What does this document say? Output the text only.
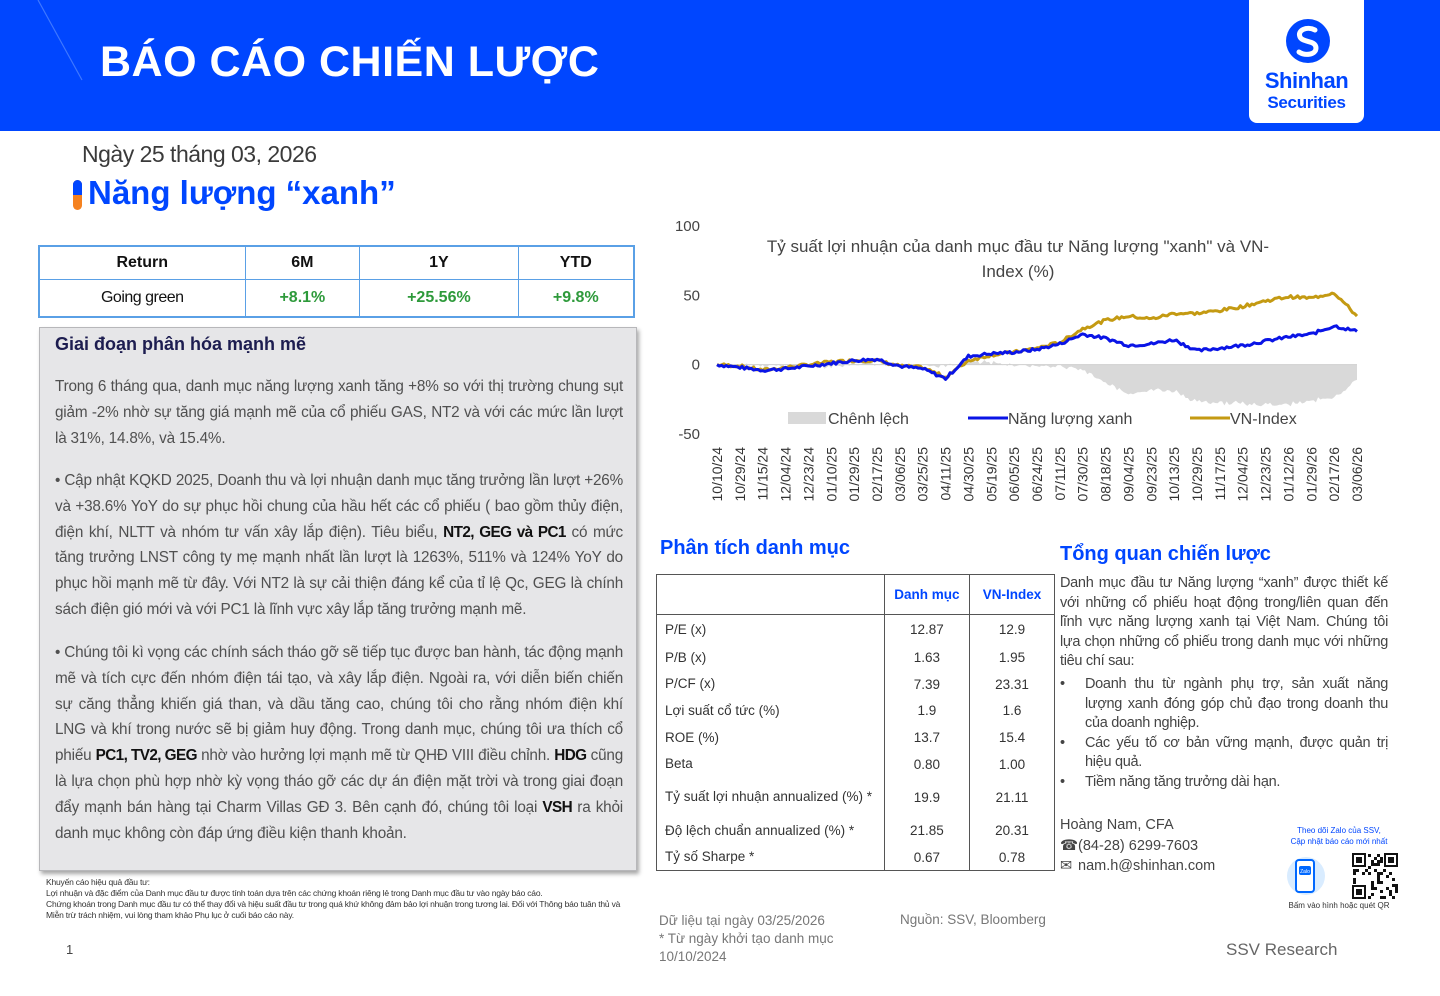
BÁO CÁO CHIẾN LƯỢC	Shinhan
Securities
Ngày 25 tháng 03, 2026
Năng lượng “xanh”
Return	6M	1Y	YTD
Going green	+8.1%	+25.56%	+9.8%
Giai đoạn phân hóa mạnh mẽ

Trong 6 tháng qua, danh mục năng lượng xanh tăng +8% so với thị trường chung sụt giảm -2% nhờ sự tăng giá mạnh mẽ của cổ phiếu GAS, NT2 và với các mức lần lượt là 31%, 14.8%, và 15.4%.

• Cập nhật KQKD 2025, Doanh thu và lợi nhuận danh mục tăng trưởng lần lượt +26% và +38.6% YoY do sự phục hồi chung của hầu hết các cổ phiếu ( bao gồm thủy điện, điện khí, NLTT và nhóm tư vấn xây lắp điện). Tiêu biểu, NT2, GEG và PC1 có mức tăng trưởng LNST công ty mẹ mạnh nhất lần lượt là 1263%, 511% và 124% YoY do phục hồi mạnh mẽ từ đây. Với NT2 là sự cải thiện đáng kể của tỉ lệ Qc, GEG là chính sách điện gió mới và với PC1 là lĩnh vực xây lắp tăng trưởng mạnh mẽ.

• Chúng tôi kì vọng các chính sách tháo gỡ sẽ tiếp tục được ban hành, tác động mạnh mẽ và tích cực đến nhóm điện tái tạo, và xây lắp điện. Ngoài ra, với diễn biến chiến sự căng thẳng khiến giá than, và dầu tăng cao, chúng tôi cho rằng nhóm điện khí LNG và khí trong nước sẽ bị giảm huy động. Trong danh mục, chúng tôi ưa thích cổ phiếu PC1, TV2, GEG nhờ vào hưởng lợi mạnh mẽ từ QHĐ VIII điều chỉnh. HDG cũng là lựa chọn phù hợp nhờ kỳ vọng tháo gỡ các dự án điện mặt trời và trong giai đoạn đẩy mạnh bán hàng tại Charm Villas GĐ 3. Bên cạnh đó, chúng tôi loại VSH ra khỏi danh mục không còn đáp ứng điều kiện thanh khoản.

Khuyến cáo hiệu quả đầu tư:
Lợi nhuận và đặc điểm của Danh mục đầu tư được tính toán dựa trên các chứng khoán riêng lẻ trong Danh mục đầu tư vào ngày báo cáo.
Chứng khoán trong Danh mục đầu tư có thể thay đổi và hiệu suất đầu tư trong quá khứ không đảm bảo lợi nhuận trong tương lai. Đối với Thông báo tuân thủ và Miễn trừ trách nhiệm, vui lòng tham khảo Phụ lục ở cuối báo cáo này.
1
100
50
0
-50
Tỷ suất lợi nhuận của danh mục đầu tư Năng lượng "xanh" và VN-
Index (%)
Chênh lệch	Năng lượng xanh	VN-Index
10/10/24 10/29/24 11/15/24 12/04/24 12/23/24 01/10/25 01/29/25 02/17/25 03/06/25 03/25/25 04/11/25 04/30/25 05/19/25 06/05/25 06/24/25 07/11/25 07/30/25 08/18/25 09/04/25 09/23/25 10/13/25 10/29/25 11/17/25 12/04/25 12/23/25 01/12/26 01/29/26 02/17/26 03/06/26
Phân tích danh mục
	Danh mục	VN-Index
P/E (x)	12.87	12.9
P/B (x)	1.63	1.95
P/CF (x)	7.39	23.31
Lợi suất cổ tức (%)	1.9	1.6
ROE (%)	13.7	15.4
Beta	0.80	1.00
Tỷ suất lợi nhuận annualized (%) *	19.9	21.11
Độ lệch chuẩn annualized (%) *	21.85	20.31
Tỷ số Sharpe *	0.67	0.78
Dữ liệu tại ngày 03/25/2026
* Từ ngày khởi tạo danh mục
10/10/2024
Nguồn: SSV, Bloomberg
Tổng quan chiến lược
Danh mục đầu tư Năng lượng “xanh” được thiết kế với những cổ phiếu hoạt động trong/liên quan đến lĩnh vực năng lượng xanh tại Việt Nam. Chúng tôi lựa chọn những cổ phiếu trong danh mục với những tiêu chí sau:
• Doanh thu từ ngành phụ trợ, sản xuất năng lượng xanh đóng góp chủ đạo trong doanh thu của doanh nghiệp.
• Các yếu tố cơ bản vững mạnh, được quản trị hiệu quả.
• Tiềm năng tăng trưởng dài hạn.
Hoàng Nam, CFA
☎(84-28) 6299-7603
✉ nam.h@shinhan.com
Theo dõi Zalo của SSV,
Cập nhật báo cáo mới nhất
Zalo
Bấm vào hình hoặc quét QR
SSV Research
